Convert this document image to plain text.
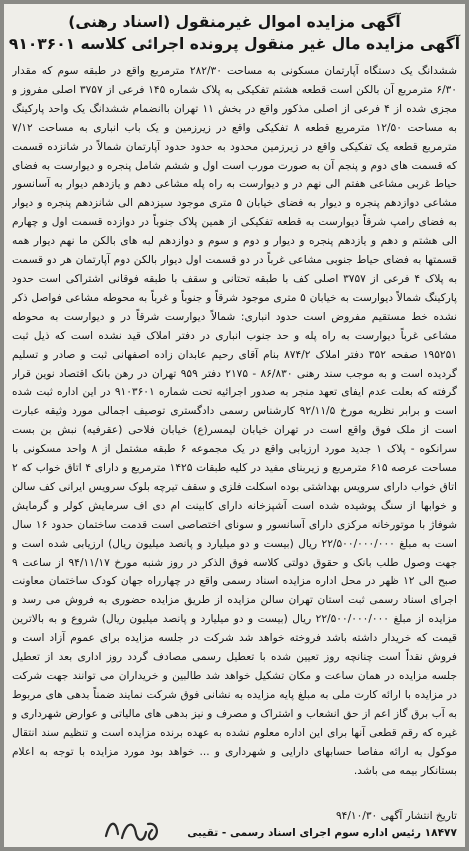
آگهی مزایده اموال غیرمنقول (اسناد رهنی)
آگهی مزایده مال غیر منقول پرونده اجرائی کلاسه ۹۱۰۳۶۰۱
ششدانگ یک دستگاه آپارتمان مسکونی به مساحت ۲۸۲/۳۰ مترمربع واقع در طبقه سوم که مقدار ۶/۳۰ مترمربع آن بالکن است قطعه هشتم تفکیکی به پلاک شماره ۱۴۵ فرعی از ۳۷۵۷ اصلی مفروز و مجزی شده از ۴ فرعی از اصلی مذکور واقع در بخش ۱۱ تهران باانضمام ششدانگ یک واحد پارکینگ به مساحت ۱۲/۵۰ مترمربع قطعه ۸ تفکیکی واقع در زیرزمین و یک باب انباری به مساحت ۷/۱۲ مترمربع قطعه یک تفکیکی واقع در زیرزمین محدود به حدود حدود آپارتمان شمالاً در شانزده قسمت که قسمت های دوم و پنجم آن به صورت مورب است اول و ششم شامل پنجره و دیوارست به فضای حیاط غربی مشاعی هفتم الی نهم در و دیوارست به راه پله مشاعی دهم و یازدهم دیوار به آسانسور مشاعی دوازدهم پنجره و دیوار به فضای خیابان ۵ متری موجود سیزدهم الی شانزدهم پنجره و دیوار به فضای رامپ شرقاً دیوارست به قطعه تفکیکی از همین پلاک جنوباً در دوازده قسمت اول و چهارم الی هشتم و دهم و یازدهم پنجره و دیوار و دوم و سوم و دوازدهم لبه های بالکن ما نهم دیوار همه قسمتها به فضای حیاط جنوبی مشاعی غرباً در دو قسمت اول دیوار بالکن دوم آپارتمان هر دو قسمت به پلاک ۴ فرعی از ۳۷۵۷ اصلی کف با طبقه تحتانی و سقف با طبقه فوقانی اشتراکی است حدود پارکینگ شمالاً دیوارست به خیابان ۵ متری موجود شرقاً و جنوباً و غرباً به محوطه مشاعی فواصل ذکر نشده خط مستقیم مفروض است حدود انباری: شمالاً دیوارست شرقاً در و دیوارست به محوطه مشاعی غرباً دیوارست به راه پله و حد جنوب انباری در دفتر املاک قید نشده است که ذیل ثبت ۱۹۵۲۵۱ صفحه ۳۵۲ دفتر املاک ۸۷۴/۲ بنام آقای رحیم عابدان زاده اصفهانی ثبت و صادر و تسلیم گردیده است و به موجب سند رهنی ۸۶/۸۳۰ - ۲۱۷۵ دفتر ۹۵۹ تهران در رهن بانک اقتصاد نوین قرار گرفته که بعلت عدم ایفای تعهد منجر به صدور اجرائیه تحت شماره ۹۱۰۳۶۰۱ در این اداره ثبت شده است و برابر نظریه مورخ ۹۲/۱۱/۵ کارشناس رسمی دادگستری توصیف اجمالی مورد وثیقه عبارت است از ملک فوق واقع است در تهران خیابان لیمسر(ع) خیابان فلاحی (عقرفیه) نبش بن بست سرانکوه - پلاک ۱ جدید مورد ارزیابی واقع در یک مجموعه ۶ طبقه مشتمل از ۸ واحد مسکونی با مساحت عرصه ۶۱۵ مترمربع و زیربنای مفید در کلیه طبقات ۱۴۲۵ مترمربع و دارای ۴ اتاق خواب که ۲ اتاق خواب دارای سرویس بهداشتی بوده اسکلت فلزی و سقف تیرچه بلوک سرویس ایرانی کف سالن و خوابها از سنگ پوشیده شده است آشپزخانه دارای کابینت ام دی اف سرمایش کولر و گرمایش شوفاژ با موتورخانه مرکزی دارای آسانسور و سونای اختصاصی است قدمت ساختمان حدود ۱۶ سال است به مبلغ ۲۲/۵۰۰/۰۰۰/۰۰۰ ریال (بیست و دو میلیارد و پانصد میلیون ریال) ارزیابی شده است و جهت وصول طلب بانک و حقوق دولتی کلاسه فوق الذکر در روز شنبه مورخ ۹۴/۱۱/۱۷ از ساعت ۹ صبح الی ۱۲ ظهر در محل اداره مزایده اسناد رسمی واقع در چهارراه جهان کودک ساختمان معاونت اجرای اسناد رسمی ثبت استان تهران سالن مزایده از طریق مزایده حضوری به فروش می رسد و مزایده از مبلغ ۲۲/۵۰۰/۰۰۰/۰۰۰ ریال (بیست و دو میلیارد و پانصد میلیون ریال) شروع و به بالاترین قیمت که خریدار داشته باشد فروخته خواهد شد شرکت در جلسه مزایده برای عموم آزاد است و فروش نقداً است چنانچه روز تعیین شده با تعطیل رسمی مصادف گردد روز اداری بعد از تعطیل جلسه مزایده در همان ساعت و مکان تشکیل خواهد شد طالبین و خریداران می توانند جهت شرکت در مزایده با ارائه کارت ملی به مبلغ پایه مزایده به نشانی فوق شرکت نمایند ضمناً بدهی های مربوط به آب برق گاز اعم از حق انشعاب و اشتراک و مصرف و نیز بدهی های مالیاتی و عوارض شهرداری و غیره که رقم قطعی آنها برای این اداره معلوم نشده به عهده برنده مزایده است و تنظیم سند انتقال موکول به ارائه مفاصا حسابهای دارایی و شهرداری و ... خواهد بود مورد مزایده با توجه به اعلام بستانکار بیمه می باشد.
تاریخ انتشار آگهی ۹۴/۱۰/۳۰
۱۸۴۷۷ رئیس اداره سوم اجرای اسناد رسمی - تقیبی
